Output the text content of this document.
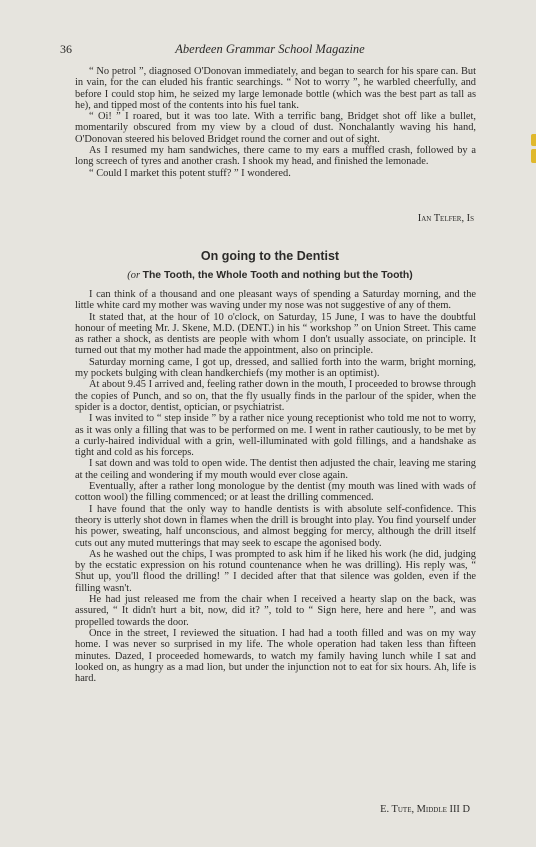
36	Aberdeen Grammar School Magazine

“ No petrol ”, diagnosed O'Donovan immediately, and began to search for his spare can. But in vain, for the can eluded his frantic searchings. “ Not to worry ”, he warbled cheerfully, and before I could stop him, he seized my large lemonade bottle (which was the best part as tall as he), and tipped most of the contents into his fuel tank.

“ Oi! ” I roared, but it was too late. With a terrific bang, Bridget shot off like a bullet, momentarily obscured from my view by a cloud of dust. Nonchalantly waving his hand, O'Donovan steered his beloved Bridget round the corner and out of sight.

As I resumed my ham sandwiches, there came to my ears a muffled crash, followed by a long screech of tyres and another crash. I shook my head, and finished the lemonade.

“ Could I market this potent stuff? ” I wondered.

Ian Telfer, Is

On going to the Dentist

(or The Tooth, the Whole Tooth and nothing but the Tooth)

I can think of a thousand and one pleasant ways of spending a Saturday morning, and the little white card my mother was waving under my nose was not suggestive of any of them.

It stated that, at the hour of 10 o'clock, on Saturday, 15 June, I was to have the doubtful honour of meeting Mr. J. Skene, M.D. (DENT.) in his “ workshop ” on Union Street. This came as rather a shock, as dentists are people with whom I don't usually associate, on principle. It turned out that my mother had made the appointment, also on principle.

Saturday morning came, I got up, dressed, and sallied forth into the warm, bright morning, my pockets bulging with clean handkerchiefs (my mother is an optimist).

At about 9.45 I arrived and, feeling rather down in the mouth, I proceeded to browse through the copies of Punch, and so on, that the fly usually finds in the parlour of the spider, when the spider is a doctor, dentist, optician, or psychiatrist.

I was invited to “ step inside ” by a rather nice young receptionist who told me not to worry, as it was only a filling that was to be performed on me. I went in rather cautiously, to be met by a curly-haired individual with a grin, well-illuminated with gold fillings, and a handshake as tight and cold as his forceps.

I sat down and was told to open wide. The dentist then adjusted the chair, leaving me staring at the ceiling and wondering if my mouth would ever close again.

Eventually, after a rather long monologue by the dentist (my mouth was lined with wads of cotton wool) the filling commenced; or at least the drilling commenced.

I have found that the only way to handle dentists is with absolute self-confidence. This theory is utterly shot down in flames when the drill is brought into play. You find yourself under his power, sweating, half unconscious, and almost begging for mercy, although the drill itself cuts out any muted mutterings that may seek to escape the agonised body.

As he washed out the chips, I was prompted to ask him if he liked his work (he did, judging by the ecstatic expression on his rotund countenance when he was drilling). His reply was, “ Shut up, you'll flood the drilling! ” I decided after that that silence was golden, even if the filling wasn't.

He had just released me from the chair when I received a hearty slap on the back, was assured, “ It didn't hurt a bit, now, did it? ”, told to “ Sign here, here and here ”, and was propelled towards the door.

Once in the street, I reviewed the situation. I had had a tooth filled and was on my way home. I was never so surprised in my life. The whole operation had taken less than fifteen minutes. Dazed, I proceeded homewards, to watch my family having lunch while I sat and looked on, as hungry as a mad lion, but under the injunction not to eat for six hours. Ah, life is hard.

E. Tute, Middle III D
